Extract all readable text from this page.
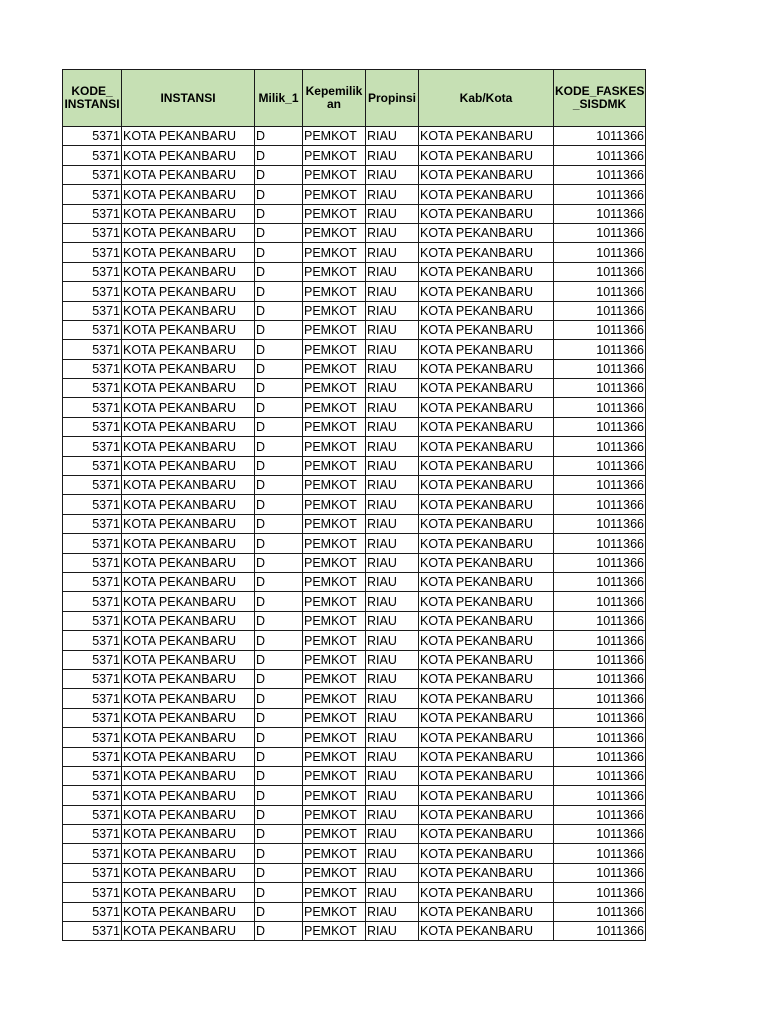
KODE_ INSTANSI	INSTANSI	Milik_1	Kepemilik an	Propinsi	Kab/Kota	KODE_FASKES _SISDMK
5371	KOTA PEKANBARU	D	PEMKOT	RIAU	KOTA PEKANBARU	1011366
5371	KOTA PEKANBARU	D	PEMKOT	RIAU	KOTA PEKANBARU	1011366
5371	KOTA PEKANBARU	D	PEMKOT	RIAU	KOTA PEKANBARU	1011366
5371	KOTA PEKANBARU	D	PEMKOT	RIAU	KOTA PEKANBARU	1011366
5371	KOTA PEKANBARU	D	PEMKOT	RIAU	KOTA PEKANBARU	1011366
5371	KOTA PEKANBARU	D	PEMKOT	RIAU	KOTA PEKANBARU	1011366
5371	KOTA PEKANBARU	D	PEMKOT	RIAU	KOTA PEKANBARU	1011366
5371	KOTA PEKANBARU	D	PEMKOT	RIAU	KOTA PEKANBARU	1011366
5371	KOTA PEKANBARU	D	PEMKOT	RIAU	KOTA PEKANBARU	1011366
5371	KOTA PEKANBARU	D	PEMKOT	RIAU	KOTA PEKANBARU	1011366
5371	KOTA PEKANBARU	D	PEMKOT	RIAU	KOTA PEKANBARU	1011366
5371	KOTA PEKANBARU	D	PEMKOT	RIAU	KOTA PEKANBARU	1011366
5371	KOTA PEKANBARU	D	PEMKOT	RIAU	KOTA PEKANBARU	1011366
5371	KOTA PEKANBARU	D	PEMKOT	RIAU	KOTA PEKANBARU	1011366
5371	KOTA PEKANBARU	D	PEMKOT	RIAU	KOTA PEKANBARU	1011366
5371	KOTA PEKANBARU	D	PEMKOT	RIAU	KOTA PEKANBARU	1011366
5371	KOTA PEKANBARU	D	PEMKOT	RIAU	KOTA PEKANBARU	1011366
5371	KOTA PEKANBARU	D	PEMKOT	RIAU	KOTA PEKANBARU	1011366
5371	KOTA PEKANBARU	D	PEMKOT	RIAU	KOTA PEKANBARU	1011366
5371	KOTA PEKANBARU	D	PEMKOT	RIAU	KOTA PEKANBARU	1011366
5371	KOTA PEKANBARU	D	PEMKOT	RIAU	KOTA PEKANBARU	1011366
5371	KOTA PEKANBARU	D	PEMKOT	RIAU	KOTA PEKANBARU	1011366
5371	KOTA PEKANBARU	D	PEMKOT	RIAU	KOTA PEKANBARU	1011366
5371	KOTA PEKANBARU	D	PEMKOT	RIAU	KOTA PEKANBARU	1011366
5371	KOTA PEKANBARU	D	PEMKOT	RIAU	KOTA PEKANBARU	1011366
5371	KOTA PEKANBARU	D	PEMKOT	RIAU	KOTA PEKANBARU	1011366
5371	KOTA PEKANBARU	D	PEMKOT	RIAU	KOTA PEKANBARU	1011366
5371	KOTA PEKANBARU	D	PEMKOT	RIAU	KOTA PEKANBARU	1011366
5371	KOTA PEKANBARU	D	PEMKOT	RIAU	KOTA PEKANBARU	1011366
5371	KOTA PEKANBARU	D	PEMKOT	RIAU	KOTA PEKANBARU	1011366
5371	KOTA PEKANBARU	D	PEMKOT	RIAU	KOTA PEKANBARU	1011366
5371	KOTA PEKANBARU	D	PEMKOT	RIAU	KOTA PEKANBARU	1011366
5371	KOTA PEKANBARU	D	PEMKOT	RIAU	KOTA PEKANBARU	1011366
5371	KOTA PEKANBARU	D	PEMKOT	RIAU	KOTA PEKANBARU	1011366
5371	KOTA PEKANBARU	D	PEMKOT	RIAU	KOTA PEKANBARU	1011366
5371	KOTA PEKANBARU	D	PEMKOT	RIAU	KOTA PEKANBARU	1011366
5371	KOTA PEKANBARU	D	PEMKOT	RIAU	KOTA PEKANBARU	1011366
5371	KOTA PEKANBARU	D	PEMKOT	RIAU	KOTA PEKANBARU	1011366
5371	KOTA PEKANBARU	D	PEMKOT	RIAU	KOTA PEKANBARU	1011366
5371	KOTA PEKANBARU	D	PEMKOT	RIAU	KOTA PEKANBARU	1011366
5371	KOTA PEKANBARU	D	PEMKOT	RIAU	KOTA PEKANBARU	1011366
5371	KOTA PEKANBARU	D	PEMKOT	RIAU	KOTA PEKANBARU	1011366
